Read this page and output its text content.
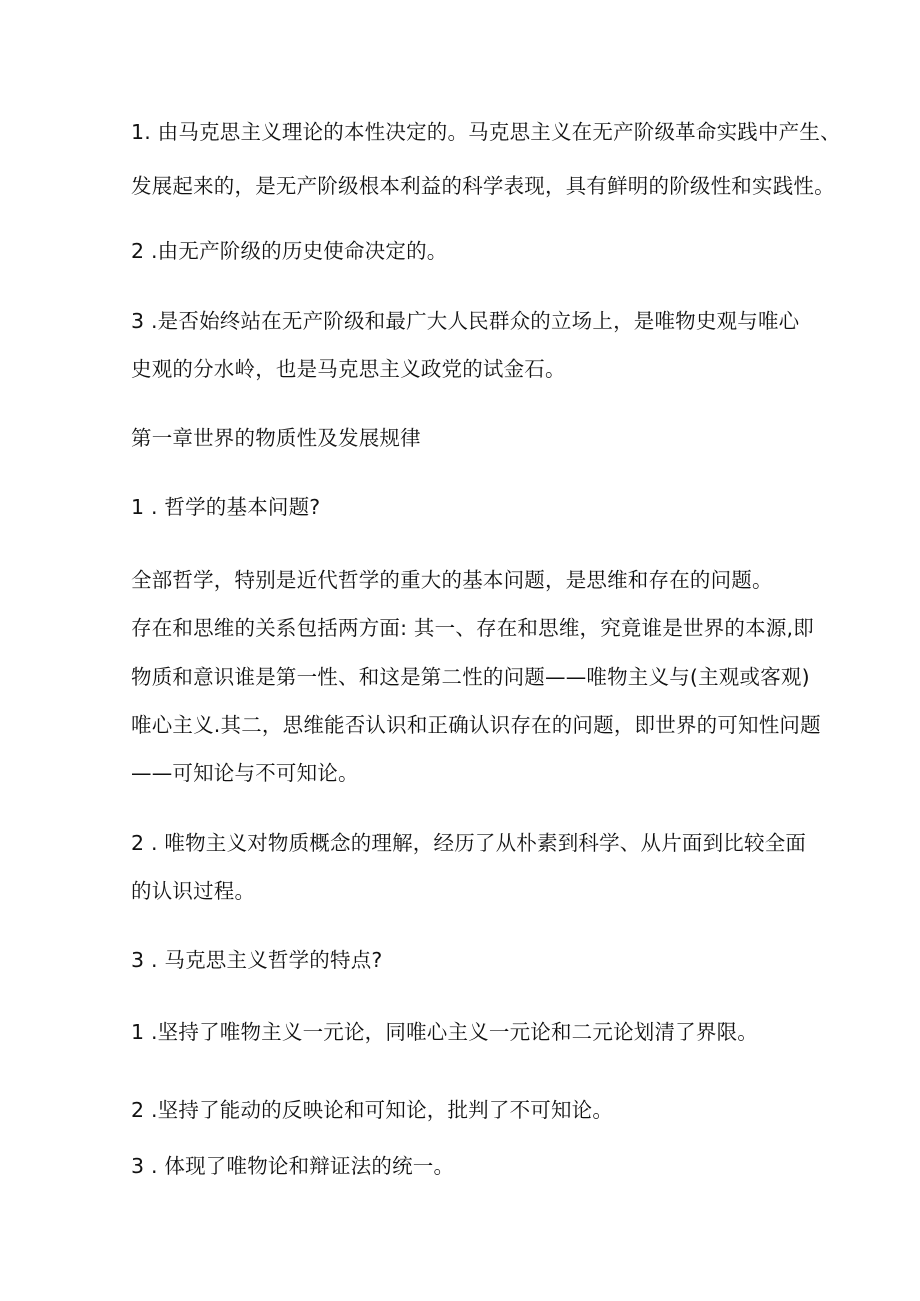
1. 由马克思主义理论的本性决定的。马克思主义在无产阶级革命实践中产生、
发展起来的，是无产阶级根本利益的科学表现，具有鲜明的阶级性和实践性。
2 .由无产阶级的历史使命决定的。
3 .是否始终站在无产阶级和最广大人民群众的立场上，是唯物史观与唯心
史观的分水岭，也是马克思主义政党的试金石。
第一章世界的物质性及发展规律
1 . 哲学的基本问题?
全部哲学，特别是近代哲学的重大的基本问题，是思维和存在的问题。
存在和思维的关系包括两方面: 其一、存在和思维，究竟谁是世界的本源,即
物质和意识谁是第一性、和这是第二性的问题——唯物主义与(主观或客观)
唯心主义.其二，思维能否认识和正确认识存在的问题，即世界的可知性问题
——可知论与不可知论。
2 . 唯物主义对物质概念的理解，经历了从朴素到科学、从片面到比较全面
的认识过程。
3 . 马克思主义哲学的特点?
1 .坚持了唯物主义一元论，同唯心主义一元论和二元论划清了界限。
2 .坚持了能动的反映论和可知论，批判了不可知论。
3 . 体现了唯物论和辩证法的统一。
